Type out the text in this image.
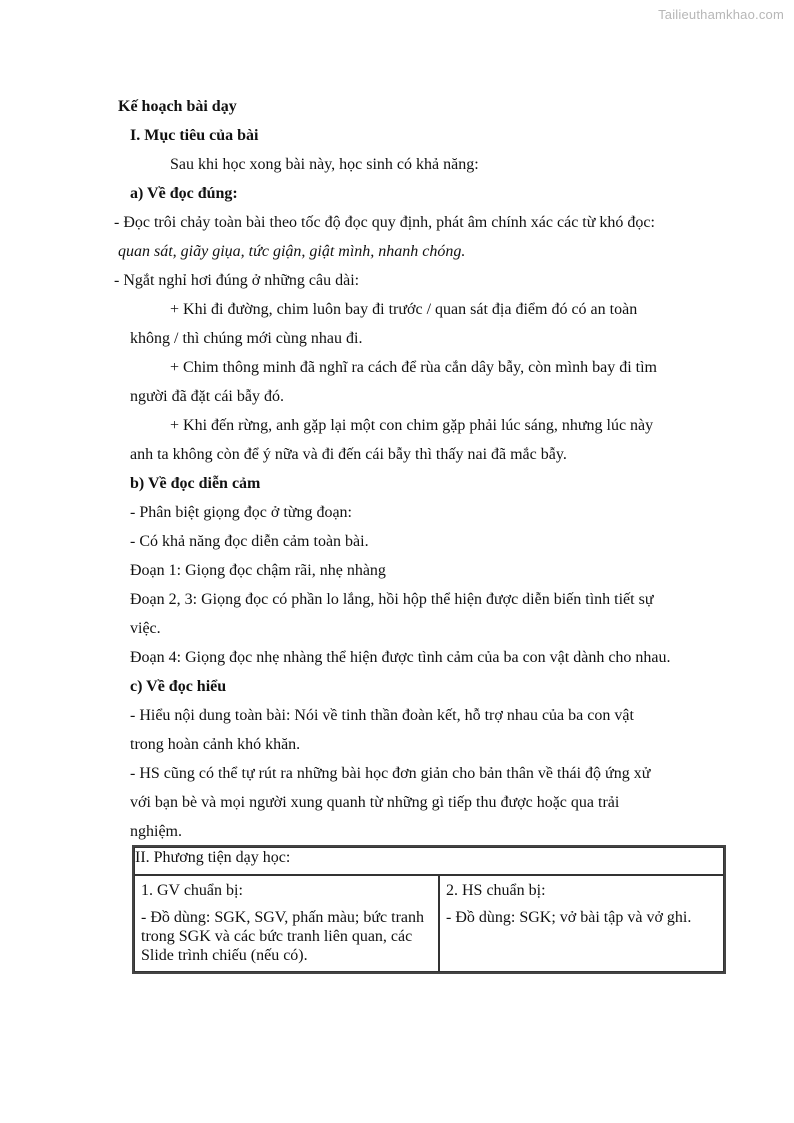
Tailieuthamkhao.com

Kế hoạch bài dạy

I. Mục tiêu của bài

Sau khi học xong bài này, học sinh có khả năng:

a) Về đọc đúng:

- Đọc trôi chảy toàn bài theo tốc độ đọc quy định, phát âm chính xác các từ khó đọc:

quan sát, giãy giụa, tức giận, giật mình, nhanh chóng.

- Ngắt nghỉ hơi đúng ở những câu dài:

+ Khi đi đường, chim luôn bay đi trước / quan sát địa điểm đó có an toàn

không / thì chúng mới cùng nhau đi.

+ Chim thông minh đã nghĩ ra cách để rùa cắn dây bẫy, còn mình bay đi tìm

người đã đặt cái bẫy đó.

+ Khi đến rừng, anh gặp lại một con chim gặp phải lúc sáng, nhưng lúc này

anh ta không còn để ý nữa và đi đến cái bẫy thì thấy nai đã mắc bẫy.

b) Về đọc diễn cảm

- Phân biệt giọng đọc ở từng đoạn:

- Có khả năng đọc diễn cảm toàn bài.

Đoạn 1: Giọng đọc chậm rãi, nhẹ nhàng

Đoạn 2, 3: Giọng đọc có phần lo lắng, hồi hộp thể hiện được diễn biến tình tiết sự

việc.

Đoạn 4: Giọng đọc nhẹ nhàng thể hiện được tình cảm của ba con vật dành cho nhau.

c) Về đọc hiểu

- Hiểu nội dung toàn bài: Nói về tinh thần đoàn kết, hỗ trợ nhau của ba con vật

trong hoàn cảnh khó khăn.

- HS cũng có thể tự rút ra những bài học đơn giản cho bản thân về thái độ ứng xử

với bạn bè và mọi người xung quanh từ những gì tiếp thu được hoặc qua trải

nghiệm.

II. Phương tiện dạy học:

1. GV chuẩn bị:
- Đồ dùng: SGK, SGV, phấn màu; bức tranh trong SGK và các bức tranh liên quan, các Slide trình chiếu (nếu có).

2. HS chuẩn bị:
- Đồ dùng: SGK; vở bài tập và vở ghi.
